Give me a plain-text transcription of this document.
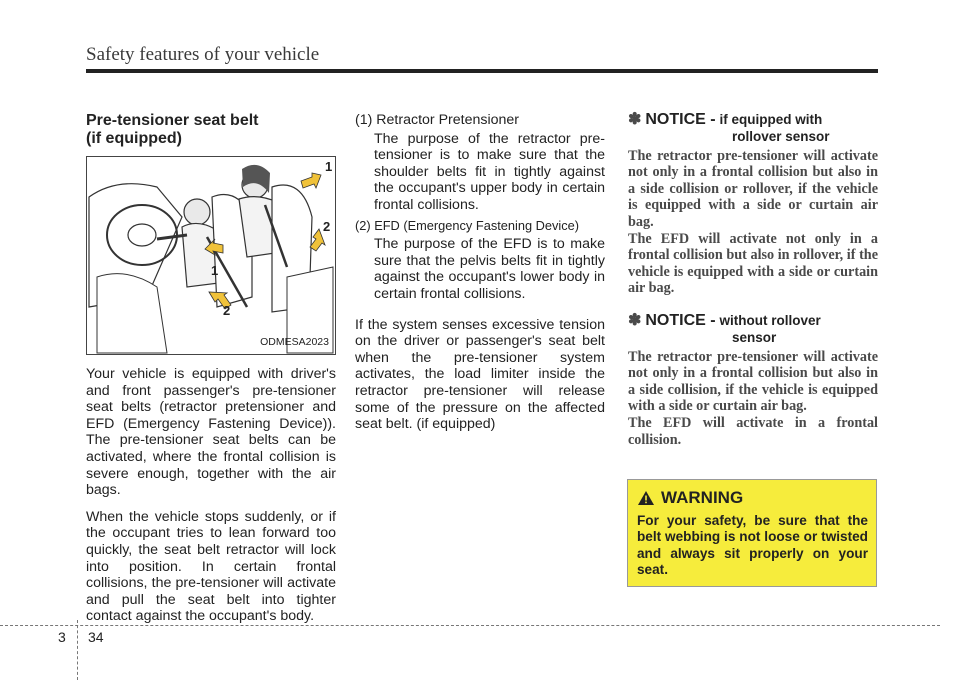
Safety features of your vehicle
Pre-tensioner seat belt
(if equipped)
1
2
1
2
ODMESA2023

Your vehicle is equipped with driver's and front passenger's pre-tensioner seat belts (retractor pretensioner and EFD (Emergency Fastening Device)). The pre-tensioner seat belts can be activated, where the frontal collision is severe enough, together with the air bags.

When the vehicle stops suddenly, or if the occupant tries to lean forward too quickly, the seat belt retractor will lock into position. In certain frontal collisions, the pre-tensioner will activate and pull the seat belt into tighter contact against the occupant's body.

(1) Retractor Pretensioner

The purpose of the retractor pre-tensioner is to make sure that the shoulder belts fit in tightly against the occupant's upper body in certain frontal collisions.

(2) EFD (Emergency Fastening Device)

The purpose of the EFD is to make sure that the pelvis belts fit in tightly against the occupant's lower body in certain frontal collisions.

If the system senses excessive tension on the driver or passenger's seat belt when the pre-tensioner system activates, the load limiter inside the retractor pre-tensioner will release some of the pressure on the affected seat belt. (if equipped)

✽ NOTICE - if equipped with
rollover sensor

The retractor pre-tensioner will activate not only in a frontal collision but also in a side collision or rollover, if the vehicle is equipped with a side or curtain air bag.

The EFD will activate not only in a frontal collision but also in rollover, if the vehicle is equipped with a side or curtain air bag.

✽ NOTICE - without rollover
sensor

The retractor pre-tensioner will activate not only in a frontal collision but also in a side collision, if the vehicle is equipped with a side or curtain air bag.

The EFD will activate in a frontal collision.

WARNING
For your safety, be sure that the belt webbing is not loose or twisted and always sit properly on your seat.
3 34
